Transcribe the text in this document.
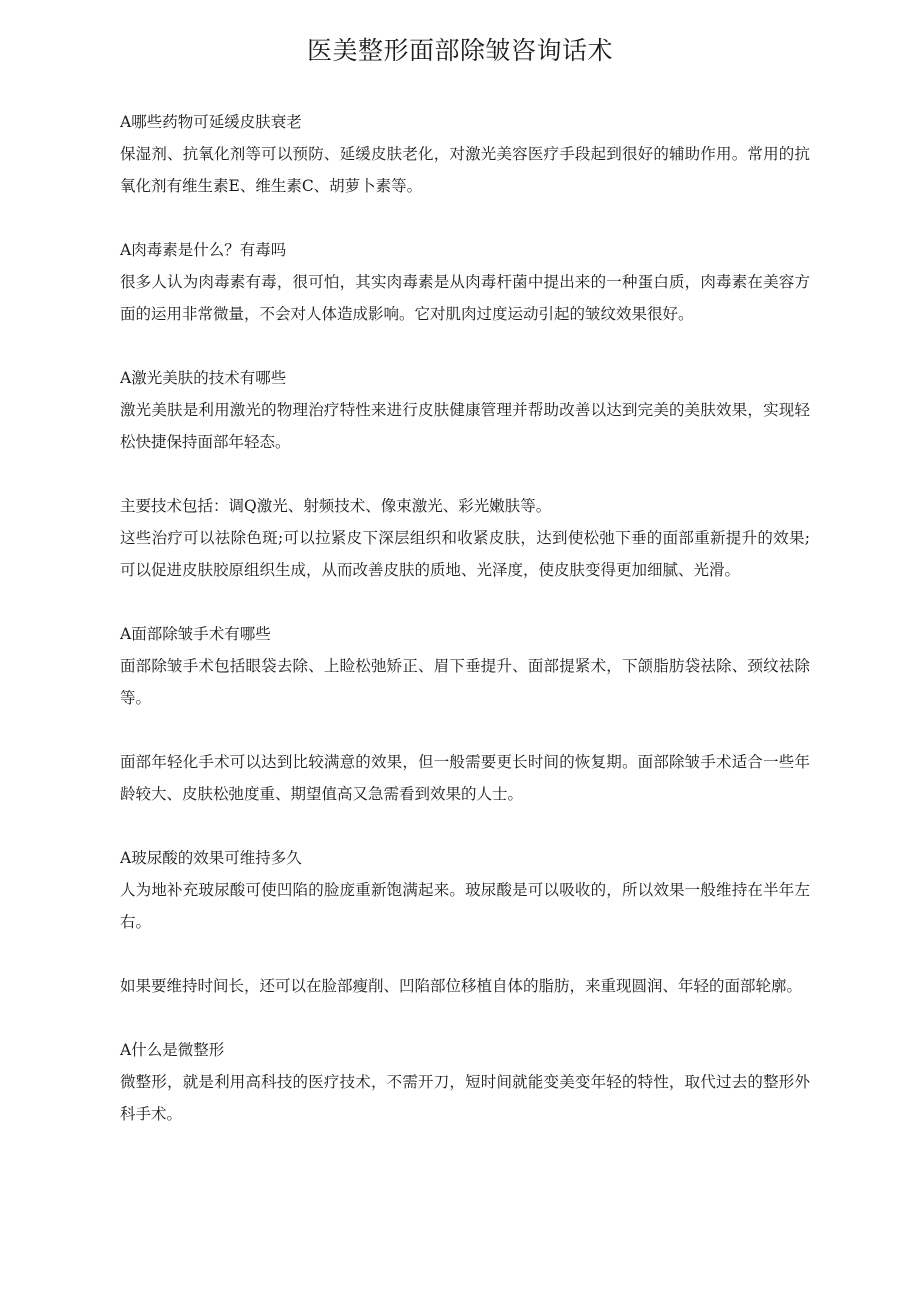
医美整形面部除皱咨询话术

A哪些药物可延缓皮肤衰老

保湿剂、抗氧化剂等可以预防、延缓皮肤老化，对激光美容医疗手段起到很好的辅助作用。常用的抗氧化剂有维生素E、维生素C、胡萝卜素等。

A肉毒素是什么？有毒吗

很多人认为肉毒素有毒，很可怕，其实肉毒素是从肉毒杆菌中提出来的一种蛋白质，肉毒素在美容方面的运用非常微量，不会对人体造成影响。它对肌肉过度运动引起的皱纹效果很好。

A激光美肤的技术有哪些

激光美肤是利用激光的物理治疗特性来进行皮肤健康管理并帮助改善以达到完美的美肤效果，实现轻松快捷保持面部年轻态。

主要技术包括：调Q激光、射频技术、像束激光、彩光嫩肤等。

这些治疗可以祛除色斑;可以拉紧皮下深层组织和收紧皮肤，达到使松弛下垂的面部重新提升的效果;可以促进皮肤胶原组织生成，从而改善皮肤的质地、光泽度，使皮肤变得更加细腻、光滑。

A面部除皱手术有哪些

面部除皱手术包括眼袋去除、上睑松弛矫正、眉下垂提升、面部提紧术，下颌脂肪袋祛除、颈纹祛除等。

面部年轻化手术可以达到比较满意的效果，但一般需要更长时间的恢复期。面部除皱手术适合一些年龄较大、皮肤松弛度重、期望值高又急需看到效果的人士。

A玻尿酸的效果可维持多久

人为地补充玻尿酸可使凹陷的脸庞重新饱满起来。玻尿酸是可以吸收的，所以效果一般维持在半年左右。

如果要维持时间长，还可以在脸部瘦削、凹陷部位移植自体的脂肪，来重现圆润、年轻的面部轮廓。

A什么是微整形

微整形，就是利用高科技的医疗技术，不需开刀，短时间就能变美变年轻的特性，取代过去的整形外科手术。
